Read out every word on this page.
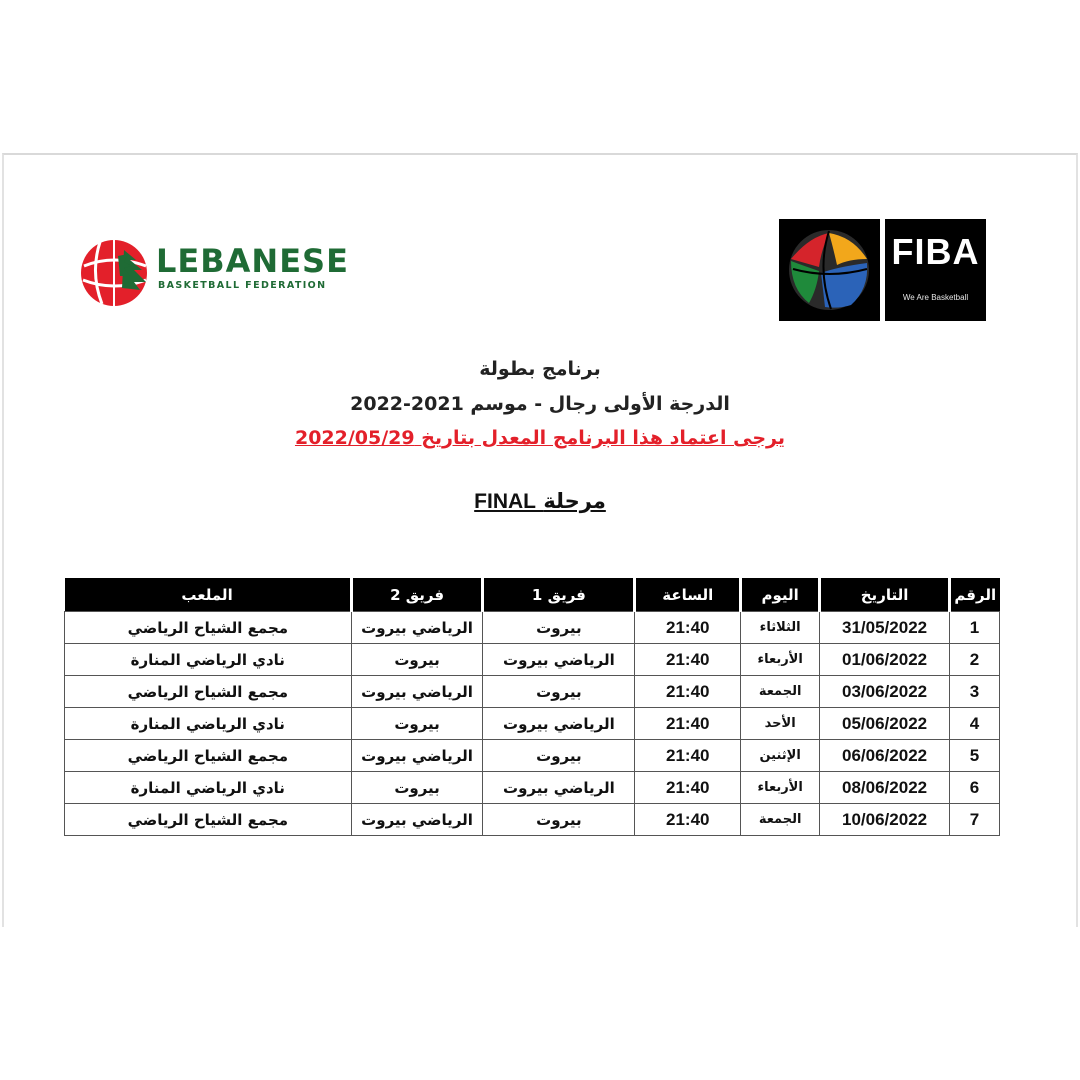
LEBANESE
BASKETBALL FEDERATION
FIBA
We Are Basketball
برنامج بطولة
الدرجة الأولى رجال - موسم 2021-2022
يرجى اعتماد هذا البرنامج المعدل بتاريخ 2022/05/29
مرحلة FINAL
الرقم	التاريخ	اليوم	الساعة	فريق 1	فريق 2	الملعب
1	31/05/2022	الثلاثاء	21:40	بيروت	الرياضي بيروت	مجمع الشياح الرياضي
2	01/06/2022	الأربعاء	21:40	الرياضي بيروت	بيروت	نادي الرياضي المنارة
3	03/06/2022	الجمعة	21:40	بيروت	الرياضي بيروت	مجمع الشياح الرياضي
4	05/06/2022	الأحد	21:40	الرياضي بيروت	بيروت	نادي الرياضي المنارة
5	06/06/2022	الإثنين	21:40	بيروت	الرياضي بيروت	مجمع الشياح الرياضي
6	08/06/2022	الأربعاء	21:40	الرياضي بيروت	بيروت	نادي الرياضي المنارة
7	10/06/2022	الجمعة	21:40	بيروت	الرياضي بيروت	مجمع الشياح الرياضي
